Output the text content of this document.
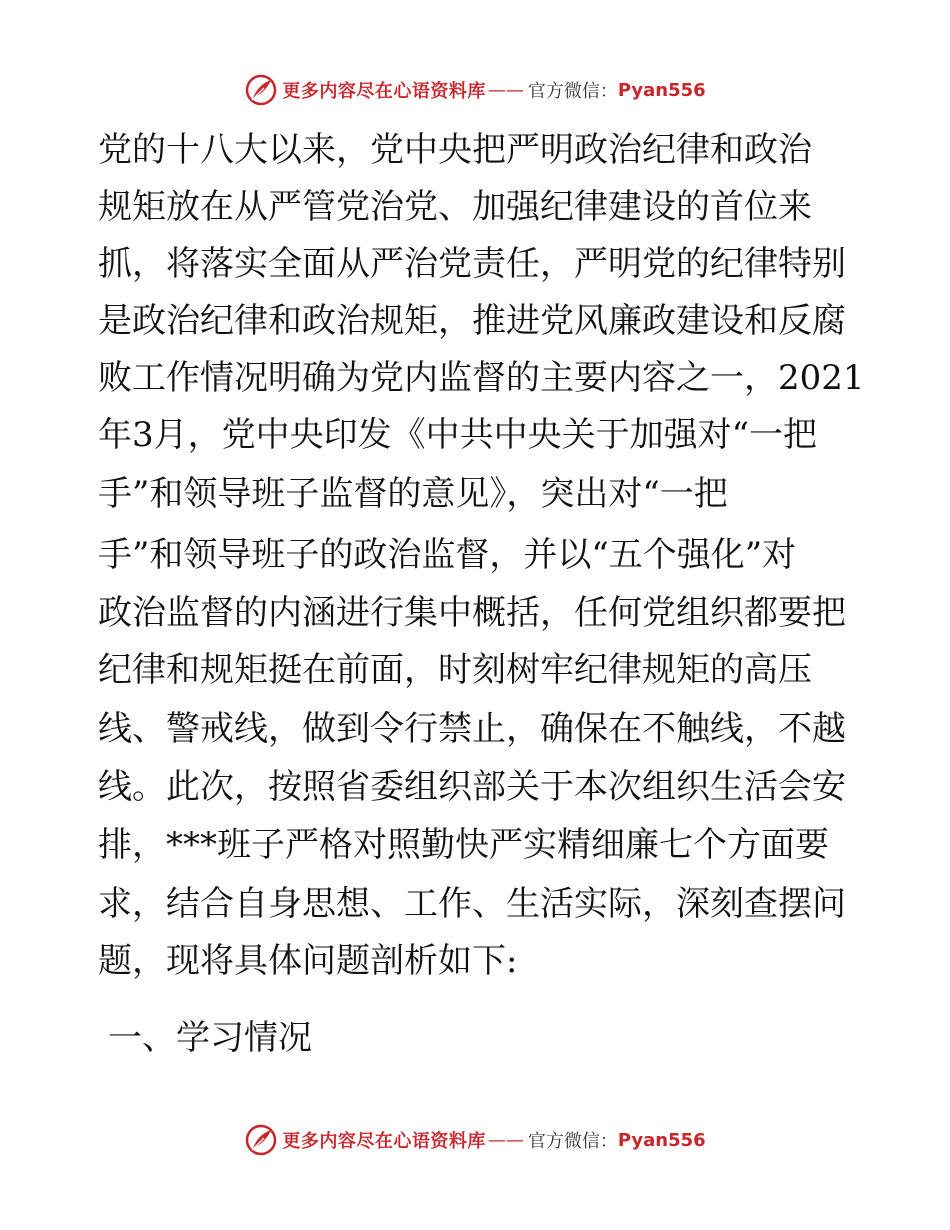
更多内容尽在心语资料库 —— 官方微信： Pyan556
党的十八大以来，党中央把严明政治纪律和政治
规矩放在从严管党治党、加强纪律建设的首位来
抓，将落实全面从严治党责任，严明党的纪律特别
是政治纪律和政治规矩，推进党风廉政建设和反腐
败工作情况明确为党内监督的主要内容之一，2021
年3月，党中央印发《中共中央关于加强对“一把
手”和领导班子监督的意见》，突出对“一把
手”和领导班子的政治监督，并以“五个强化”对
政治监督的内涵进行集中概括，任何党组织都要把
纪律和规矩挺在前面，时刻树牢纪律规矩的高压
线、警戒线，做到令行禁止，确保在不触线，不越
线。此次，按照省委组织部关于本次组织生活会安
排，***班子严格对照勤快严实精细廉七个方面要
求，结合自身思想、工作、生活实际，深刻查摆问
题，现将具体问题剖析如下:
一、学习情况
更多内容尽在心语资料库 —— 官方微信： Pyan556
